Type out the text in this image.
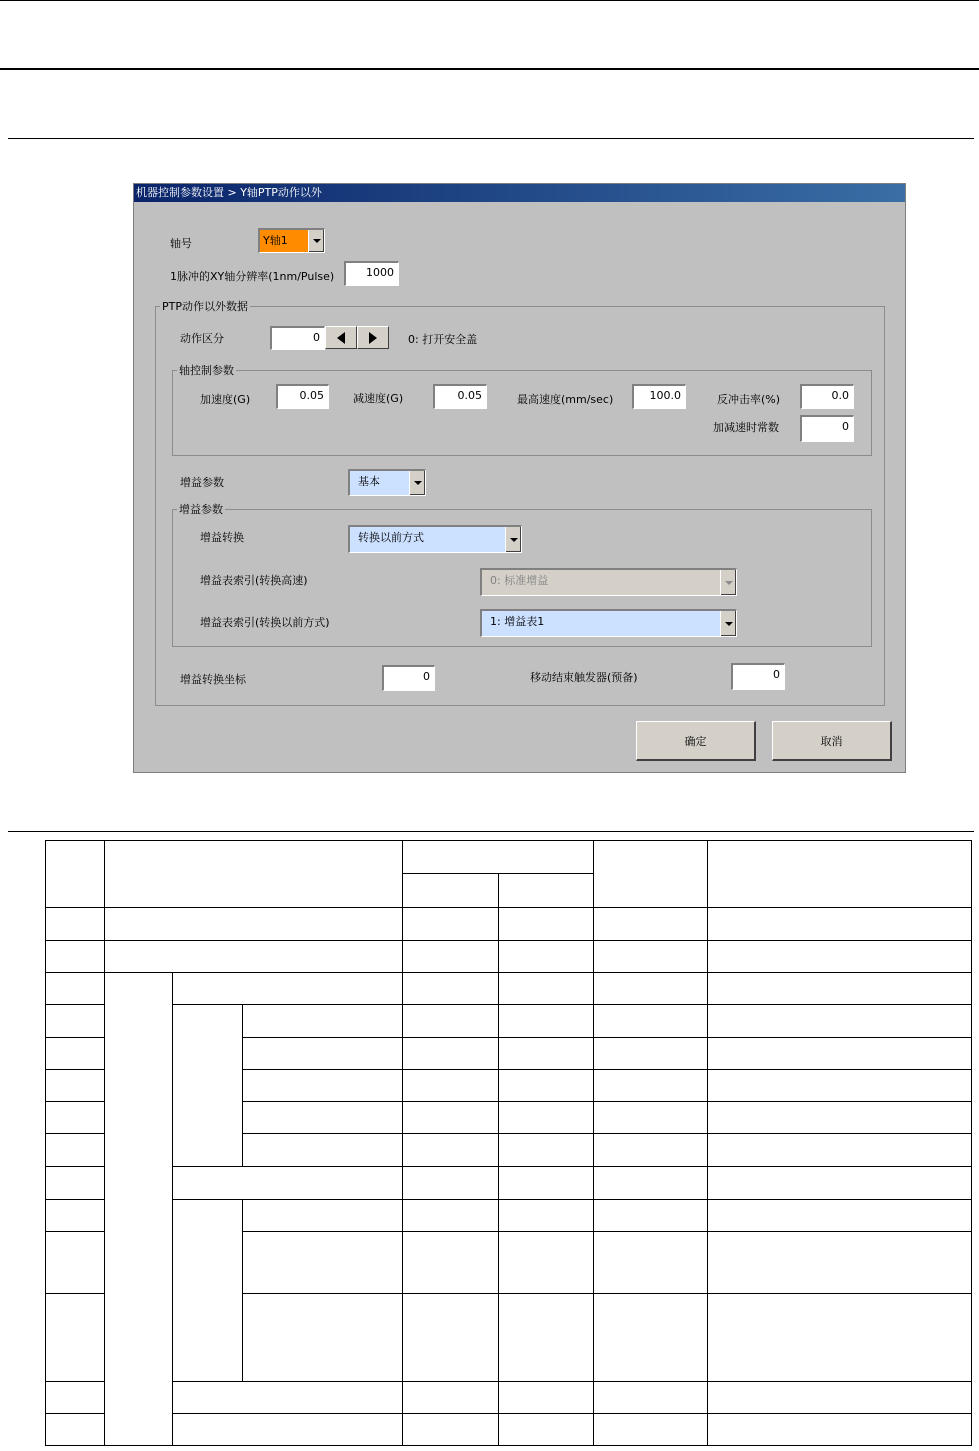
机器控制参数设置 > Y轴PTP动作以外
轴号	Y轴1
1脉冲的XY轴分辨率(1nm/Pulse)	1000
PTP动作以外数据
动作区分	0	0: 打开安全盖
轴控制参数
加速度(G)	0.05	减速度(G)	0.05	最高速度(mm/sec)	100.0	反冲击率(%)	0.0
加减速时常数	0
增益参数	基本
增益参数
增益转换	转换以前方式
增益表索引(转换高速)	0: 标准增益
增益表索引(转换以前方式)	1: 增益表1
增益转换坐标	0	移动结束触发器(预备)	0
确定	取消
